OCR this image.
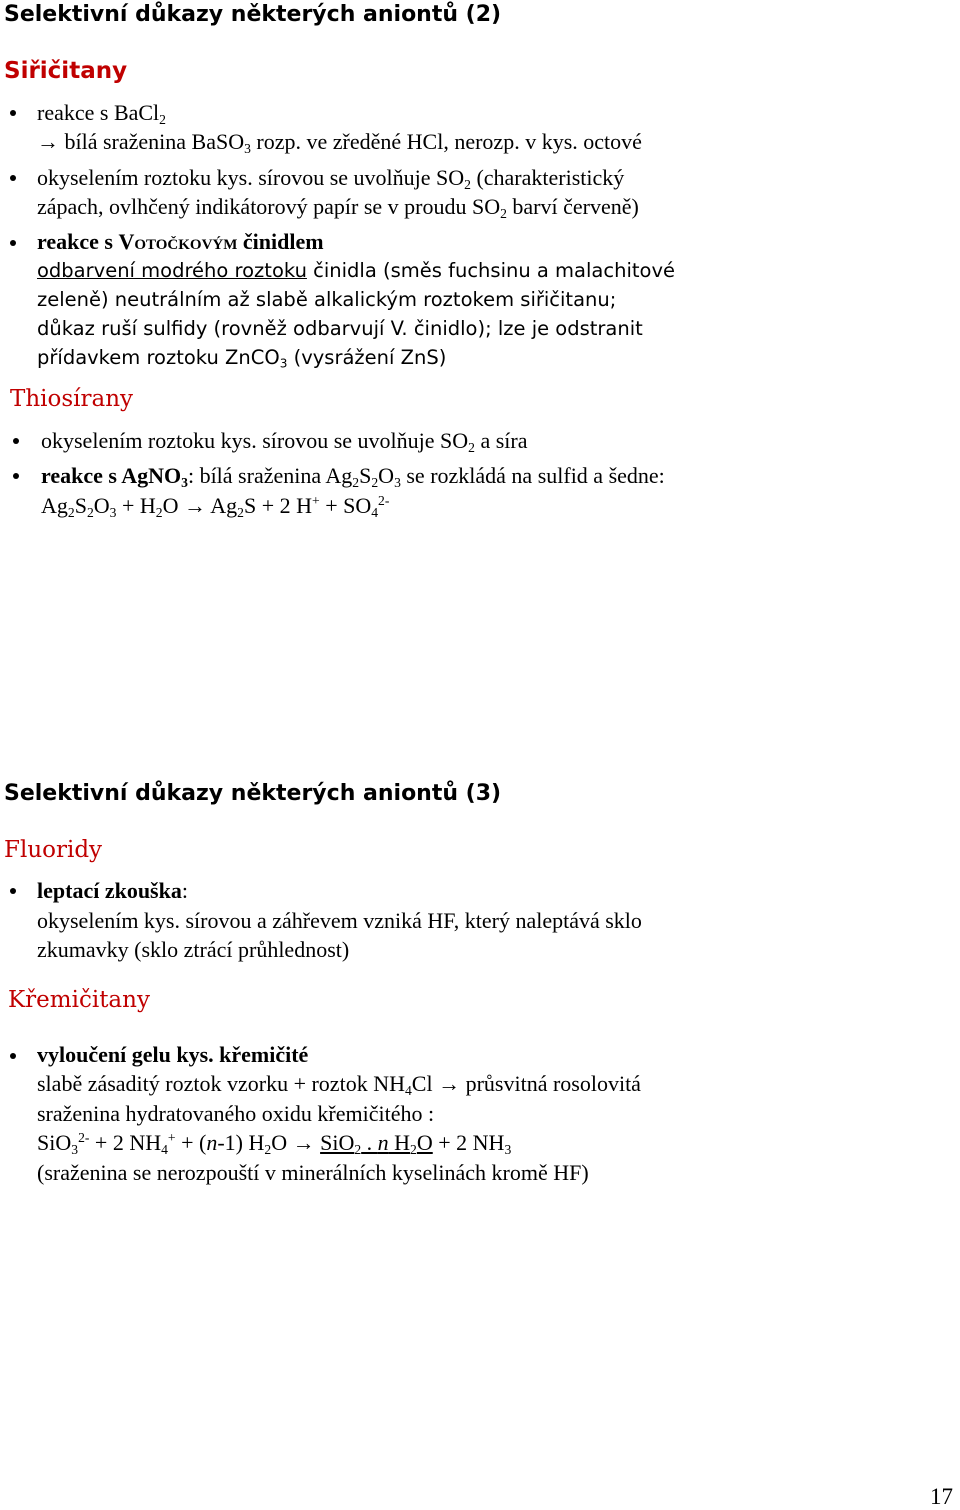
Selektivní důkazy některých aniontů (2)
Siřičitany
reakce s BaCl$_2$
→ bílá sraženina BaSO$_3$ rozp. ve zředěné HCl, nerozp. v kys. octové
okyselením roztoku kys. sírovou se uvolňuje $SO_2$ (charakteristický
zápach, ovlhčený indikátorový papír se v proudu $SO_2$ barví červeně)
reakce s Votočkovým činidlem
odbarvení modrého roztoku činidla (směs fuchsinu a malachitové
zeleně) neutrálním až slabě alkalickým roztokem siřičitanu;
důkaz ruší sulfidy (rovněž odbarvují V. činidlo); lze je odstranit
přídavkem roztoku ZnCO$_3$ (vysrážení ZnS)
Thiosírany
okyselením roztoku kys. sírovou se uvolňuje $SO_2$ a síra
reakce s AgNO$_3$: bílá sraženina $Ag_2S_2O_3$ se rozkládá na sulfid a šedne:
$Ag_2S_2O_3 + H_2O \to Ag_2S + 2$ $H^+ + SO_4^{2-}$
Selektivní důkazy některých aniontů (3)
Fluoridy
leptací zkouška:
okyselením kys. sírovou a záhřevem vzniká HF, který naleptává sklo
zkumavky (sklo ztrácí průhlednost)
Křemičitany
vyloučení gelu kys. křemičité
slabě zásaditý roztok vzorku + roztok $NH_4Cl$ → průsvitná rosolovitá
sraženina hydratovaného oxidu křemičitého :
SiO$_3^{2-}$ + 2 $NH_4^+ + (n-1) H_2O \to SiO_2$ . n $H_2O + 2$ $NH_3$
(sraženina se nerozpouští v minerálních kyselinách kromě HF)
17
